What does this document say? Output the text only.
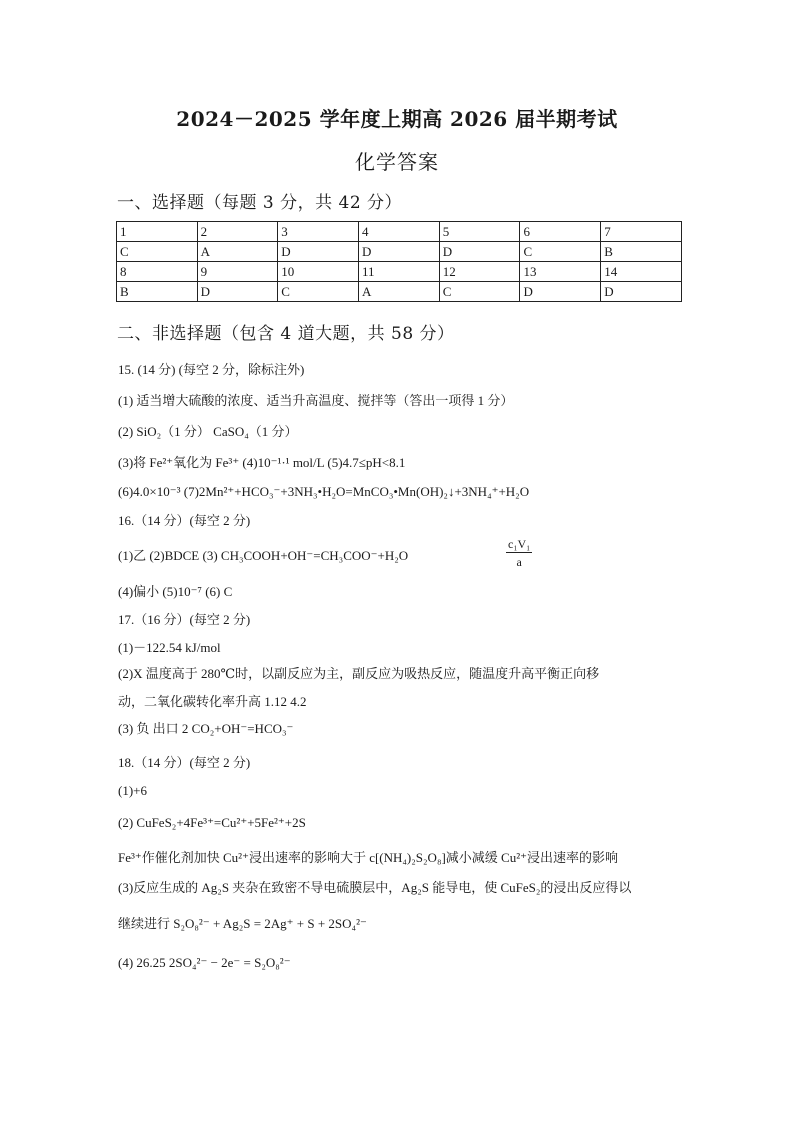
2024－2025 学年度上期高 2026 届半期考试
化学答案
一、选择题（每题 3 分，共 42 分）
1	2	3	4	5	6	7
C	A	D	D	D	C	B
8	9	10	11	12	13	14
B	D	C	A	C	D	D
二、非选择题（包含 4 道大题，共 58 分）
15. (14 分) (每空 2 分，除标注外)
(1) 适当增大硫酸的浓度、适当升高温度、搅拌等（答出一项得 1 分）
(2) SiO₂（1 分） CaSO₄（1 分）
(3)将 Fe²⁺氧化为 Fe³⁺ (4)10⁻¹·¹ mol/L (5)4.7≤pH<8.1
(6)4.0×10⁻³ (7)2Mn²⁺+HCO₃⁻+3NH₃•H₂O=MnCO₃•Mn(OH)₂↓+3NH₄⁺+H₂O
16.（14 分）(每空 2 分)
(1)乙 (2)BDCE (3) CH₃COOH+OH⁻=CH₃COO⁻+H₂O	$\frac{\text{c₁V₁}}{a}$
(4)偏小 (5)10⁻⁷ (6) C
17.（16 分）(每空 2 分)
(1)－122.54 kJ/mol
(2)X 温度高于 280℃时，以副反应为主，副反应为吸热反应，随温度升高平衡正向移
动，二氧化碳转化率升高 1.12 4.2
(3) 负 出口 2 CO₂+OH⁻=HCO₃⁻
18.（14 分）(每空 2 分)
(1)+6
(2) CuFeS₂+4Fe³⁺=Cu²⁺+5Fe²⁺+2S
Fe³⁺作催化剂加快 Cu²⁺浸出速率的影响大于 c[(NH₄)₂S₂O₈]减小减缓 Cu²⁺浸出速率的影响
(3)反应生成的 Ag₂S 夹杂在致密不导电硫膜层中，Ag₂S 能导电，使 CuFeS₂的浸出反应得以
继续进行 S₂O₈²⁻ + Ag₂S = 2Ag⁺ + S + 2SO₄²⁻
(4) 26.25 2SO₄²⁻ − 2e⁻ = S₂O₈²⁻
